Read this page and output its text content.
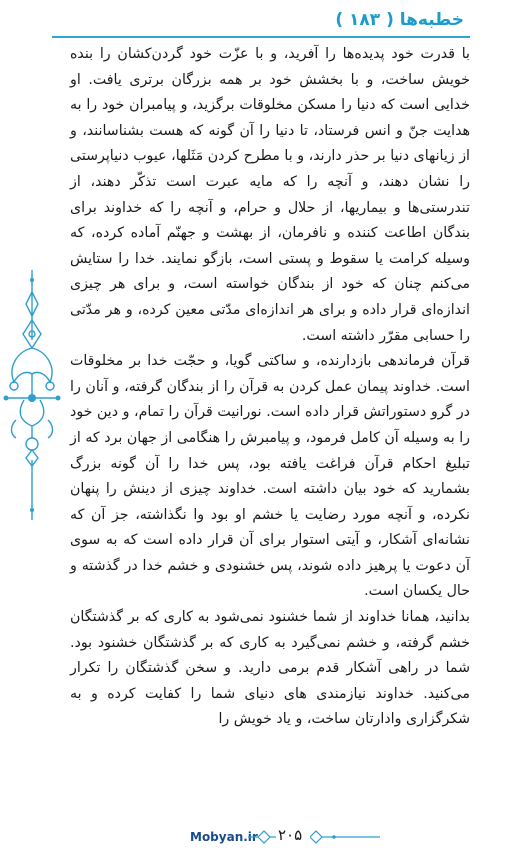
خطبه‌ها ( ۱۸۳ )

با قدرت خود پدیده‌ها را آفرید، و با عزّت خود گردن‌کشان را بنده خویش ساخت، و با بخشش خود بر همه بزرگان برتری یافت. او خدایی است که دنیا را مسکن مخلوقات برگزید، و پیامبران خود را به هدایت جنّ و انس فرستاد، تا دنیا را آن گونه که هست بشناسانند، و از زیانهای دنیا بر حذر دارند، و با مطرح کردن مَثَلها، عیوب دنیاپرستی را نشان دهند، و آنچه را که مایه عبرت است تذکّر دهند، از تندرستی‌ها و بیماریها، از حلال و حرام، و آنچه را که خداوند برای بندگان اطاعت کننده و نافرمان، از بهشت و جهنّم آماده کرده، که وسیله کرامت یا سقوط و پستی است، بازگو نمایند. خدا را ستایش می‌کنم چنان که خود از بندگان خواسته است، و برای هر چیزی اندازه‌ای قرار داده و برای هر اندازه‌ای مدّتی معین کرده، و هر مدّتی را حسابی مقرّر داشته است.

قرآن فرماندهی بازدارنده، و ساکتی گویا، و حجّت خدا بر مخلوقات است. خداوند پیمان عمل کردن به قرآن را از بندگان گرفته، و آنان را در گرو دستوراتش قرار داده است. نورانیت قرآن را تمام، و دین خود را به وسیله آن کامل فرمود، و پیامبرش را هنگامی از جهان برد که از تبلیغ احکام قرآن فراغت یافته بود، پس خدا را آن گونه بزرگ بشمارید که خود بیان داشته است. خداوند چیزی از دینش را پنهان نکرده، و آنچه مورد رضایت یا خشم او بود وا نگذاشته، جز آن که نشانه‌ای آشکار، و آیتی استوار برای آن قرار داده است که به سوی آن دعوت یا پرهیز داده شوند، پس خشنودی و خشم خدا در گذشته و حال یکسان است.

بدانید، همانا خداوند از شما خشنود نمی‌شود به کاری که بر گذشتگان خشم گرفته، و خشم نمی‌گیرد به کاری که بر گذشتگان خشنود بود. شما در راهی آشکار قدم برمی دارید. و سخن گذشتگان را تکرار می‌کنید. خداوند نیازمندی های دنیای شما را کفایت کرده و به شکرگزاری وادارتان ساخت، و یاد خویش را

Mobyan.ir ۲۰۵
